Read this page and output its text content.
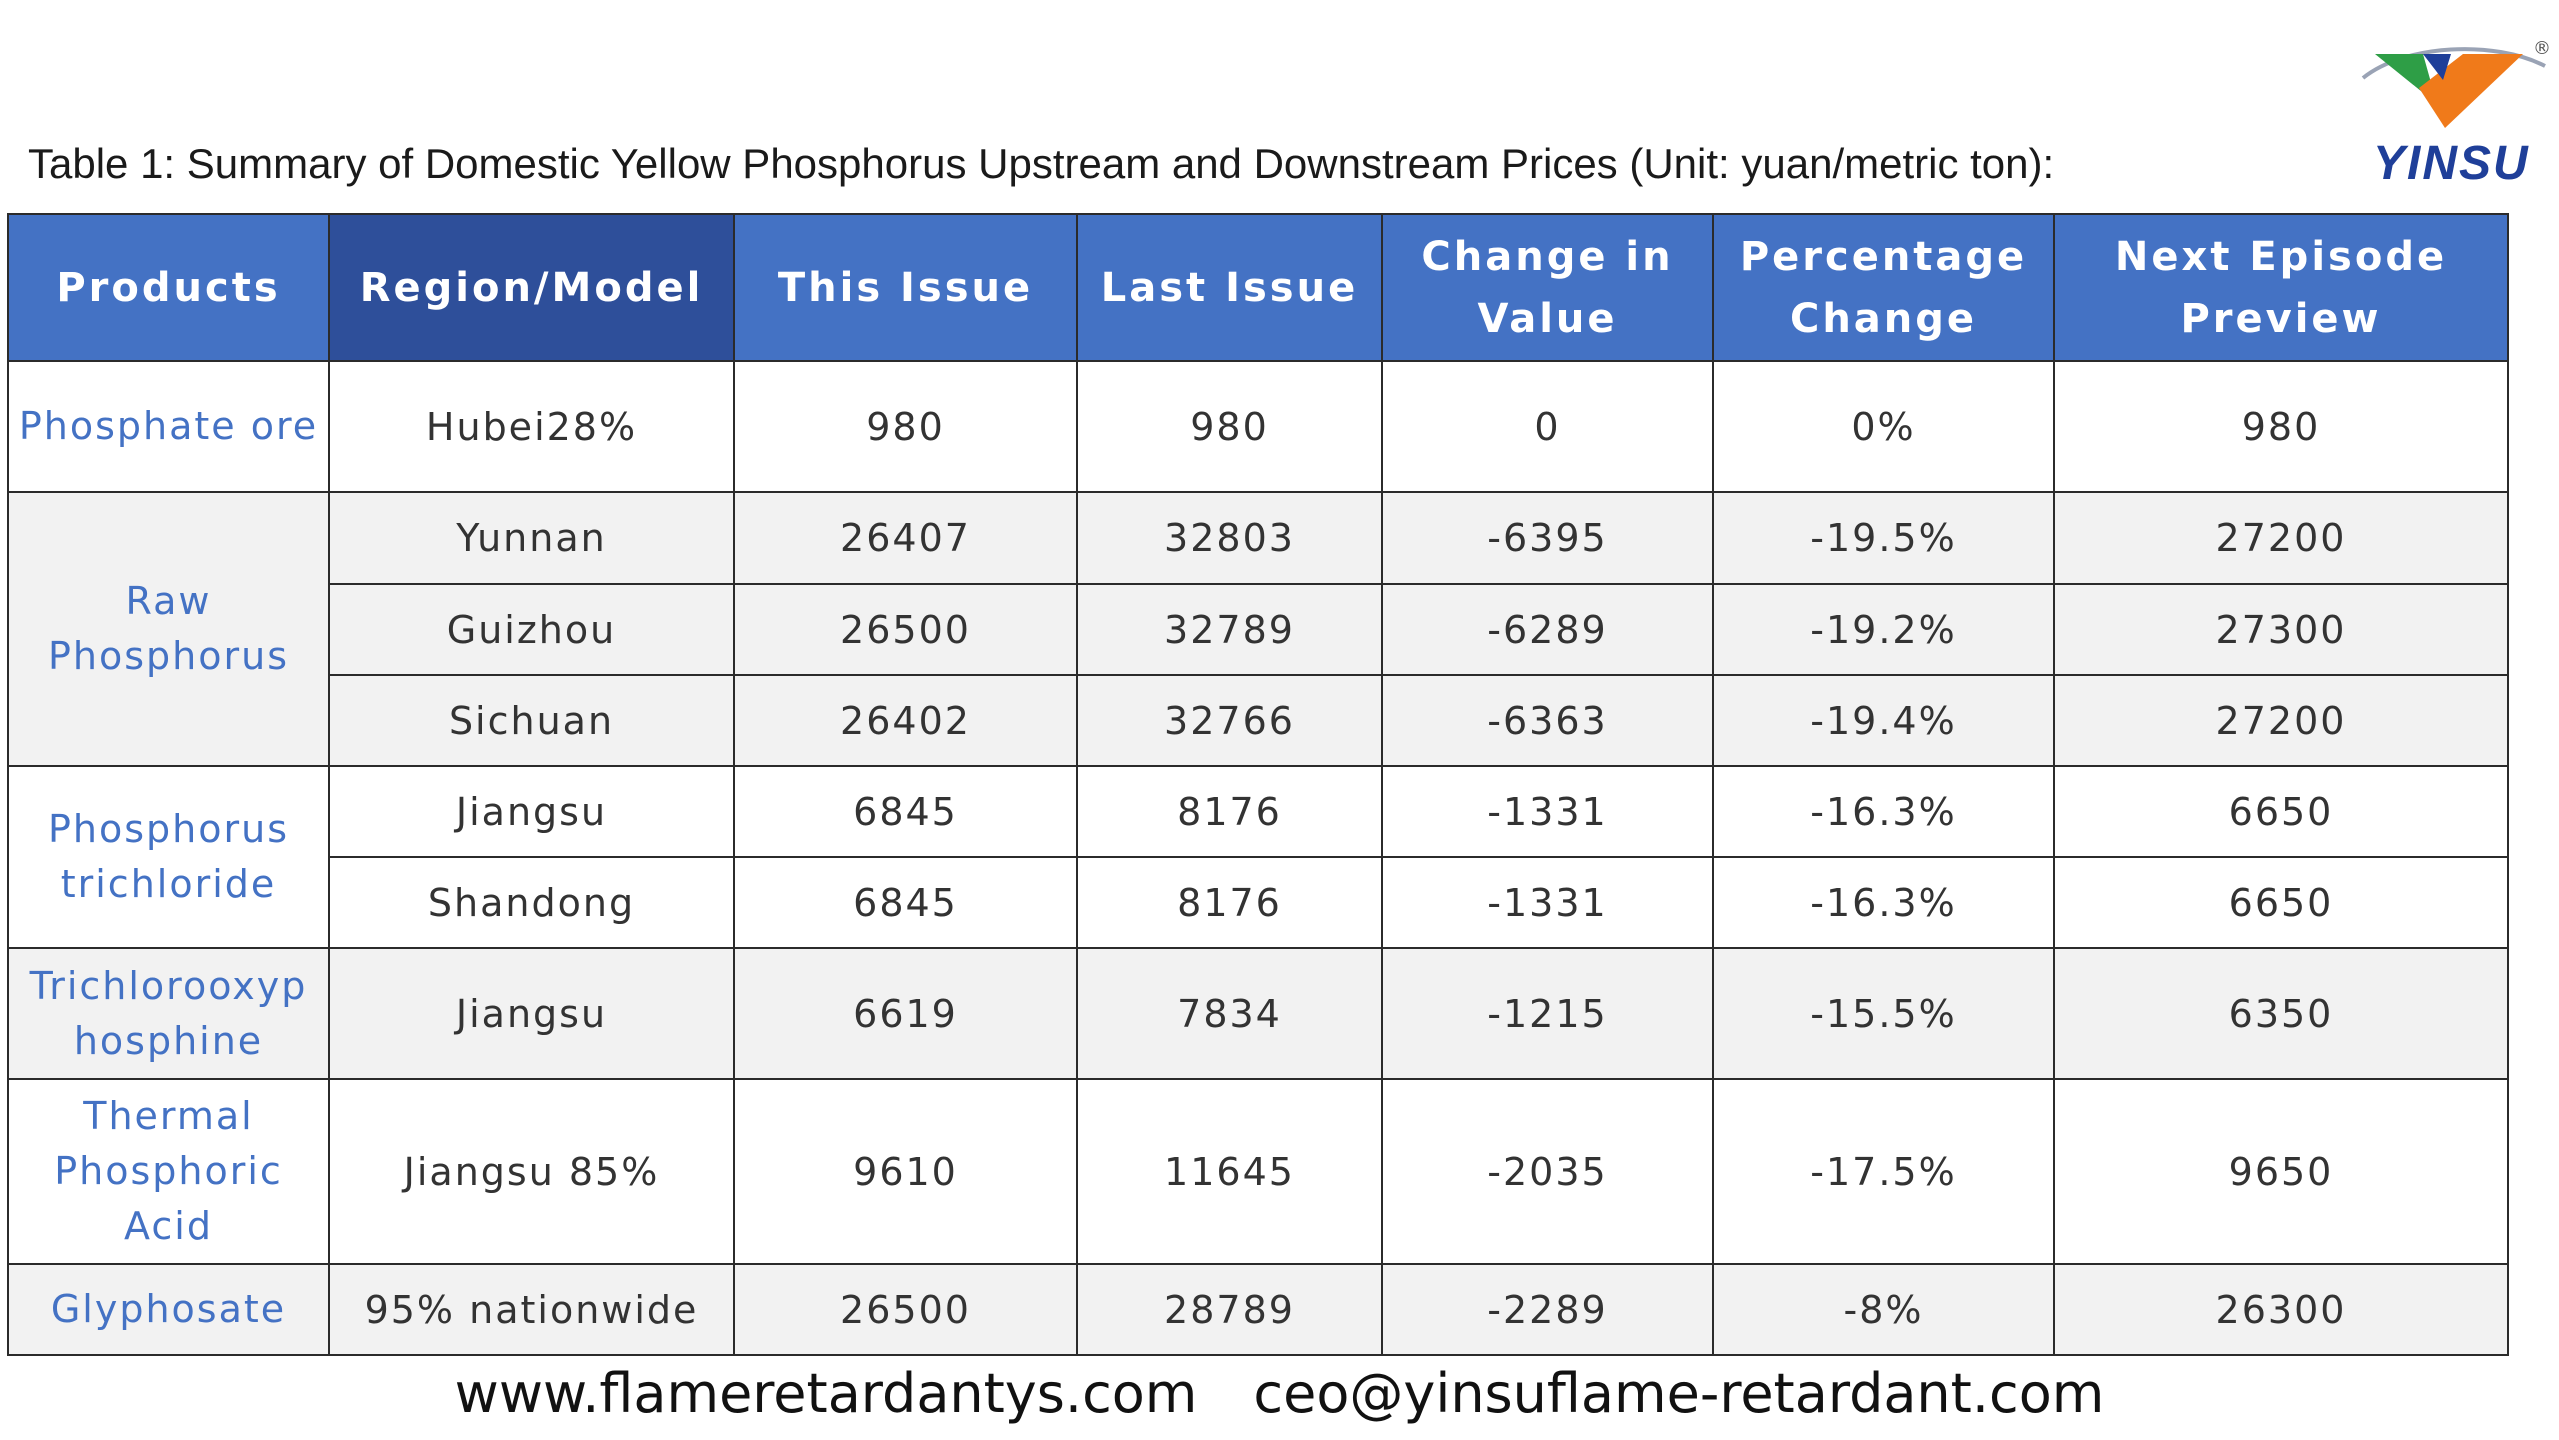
Table 1: Summary of Domestic Yellow Phosphorus Upstream and Downstream Prices (Unit: yuan/metric ton):
®
YINSU
Products	Region/Model	This Issue	Last Issue	Change in Value	Percentage Change	Next Episode Preview
Phosphate ore	Hubei28%	980	980	0	0%	980
Raw Phosphorus	Yunnan	26407	32803	-6395	-19.5%	27200
	Guizhou	26500	32789	-6289	-19.2%	27300
	Sichuan	26402	32766	-6363	-19.4%	27200
Phosphorus trichloride	Jiangsu	6845	8176	-1331	-16.3%	6650
	Shandong	6845	8176	-1331	-16.3%	6650
Trichlorooxyp hosphine	Jiangsu	6619	7834	-1215	-15.5%	6350
Thermal Phosphoric Acid	Jiangsu 85%	9610	11645	-2035	-17.5%	9650
Glyphosate	95% nationwide	26500	28789	-2289	-8%	26300
www.flameretardantys.com ceo@yinsuflame-retardant.com
